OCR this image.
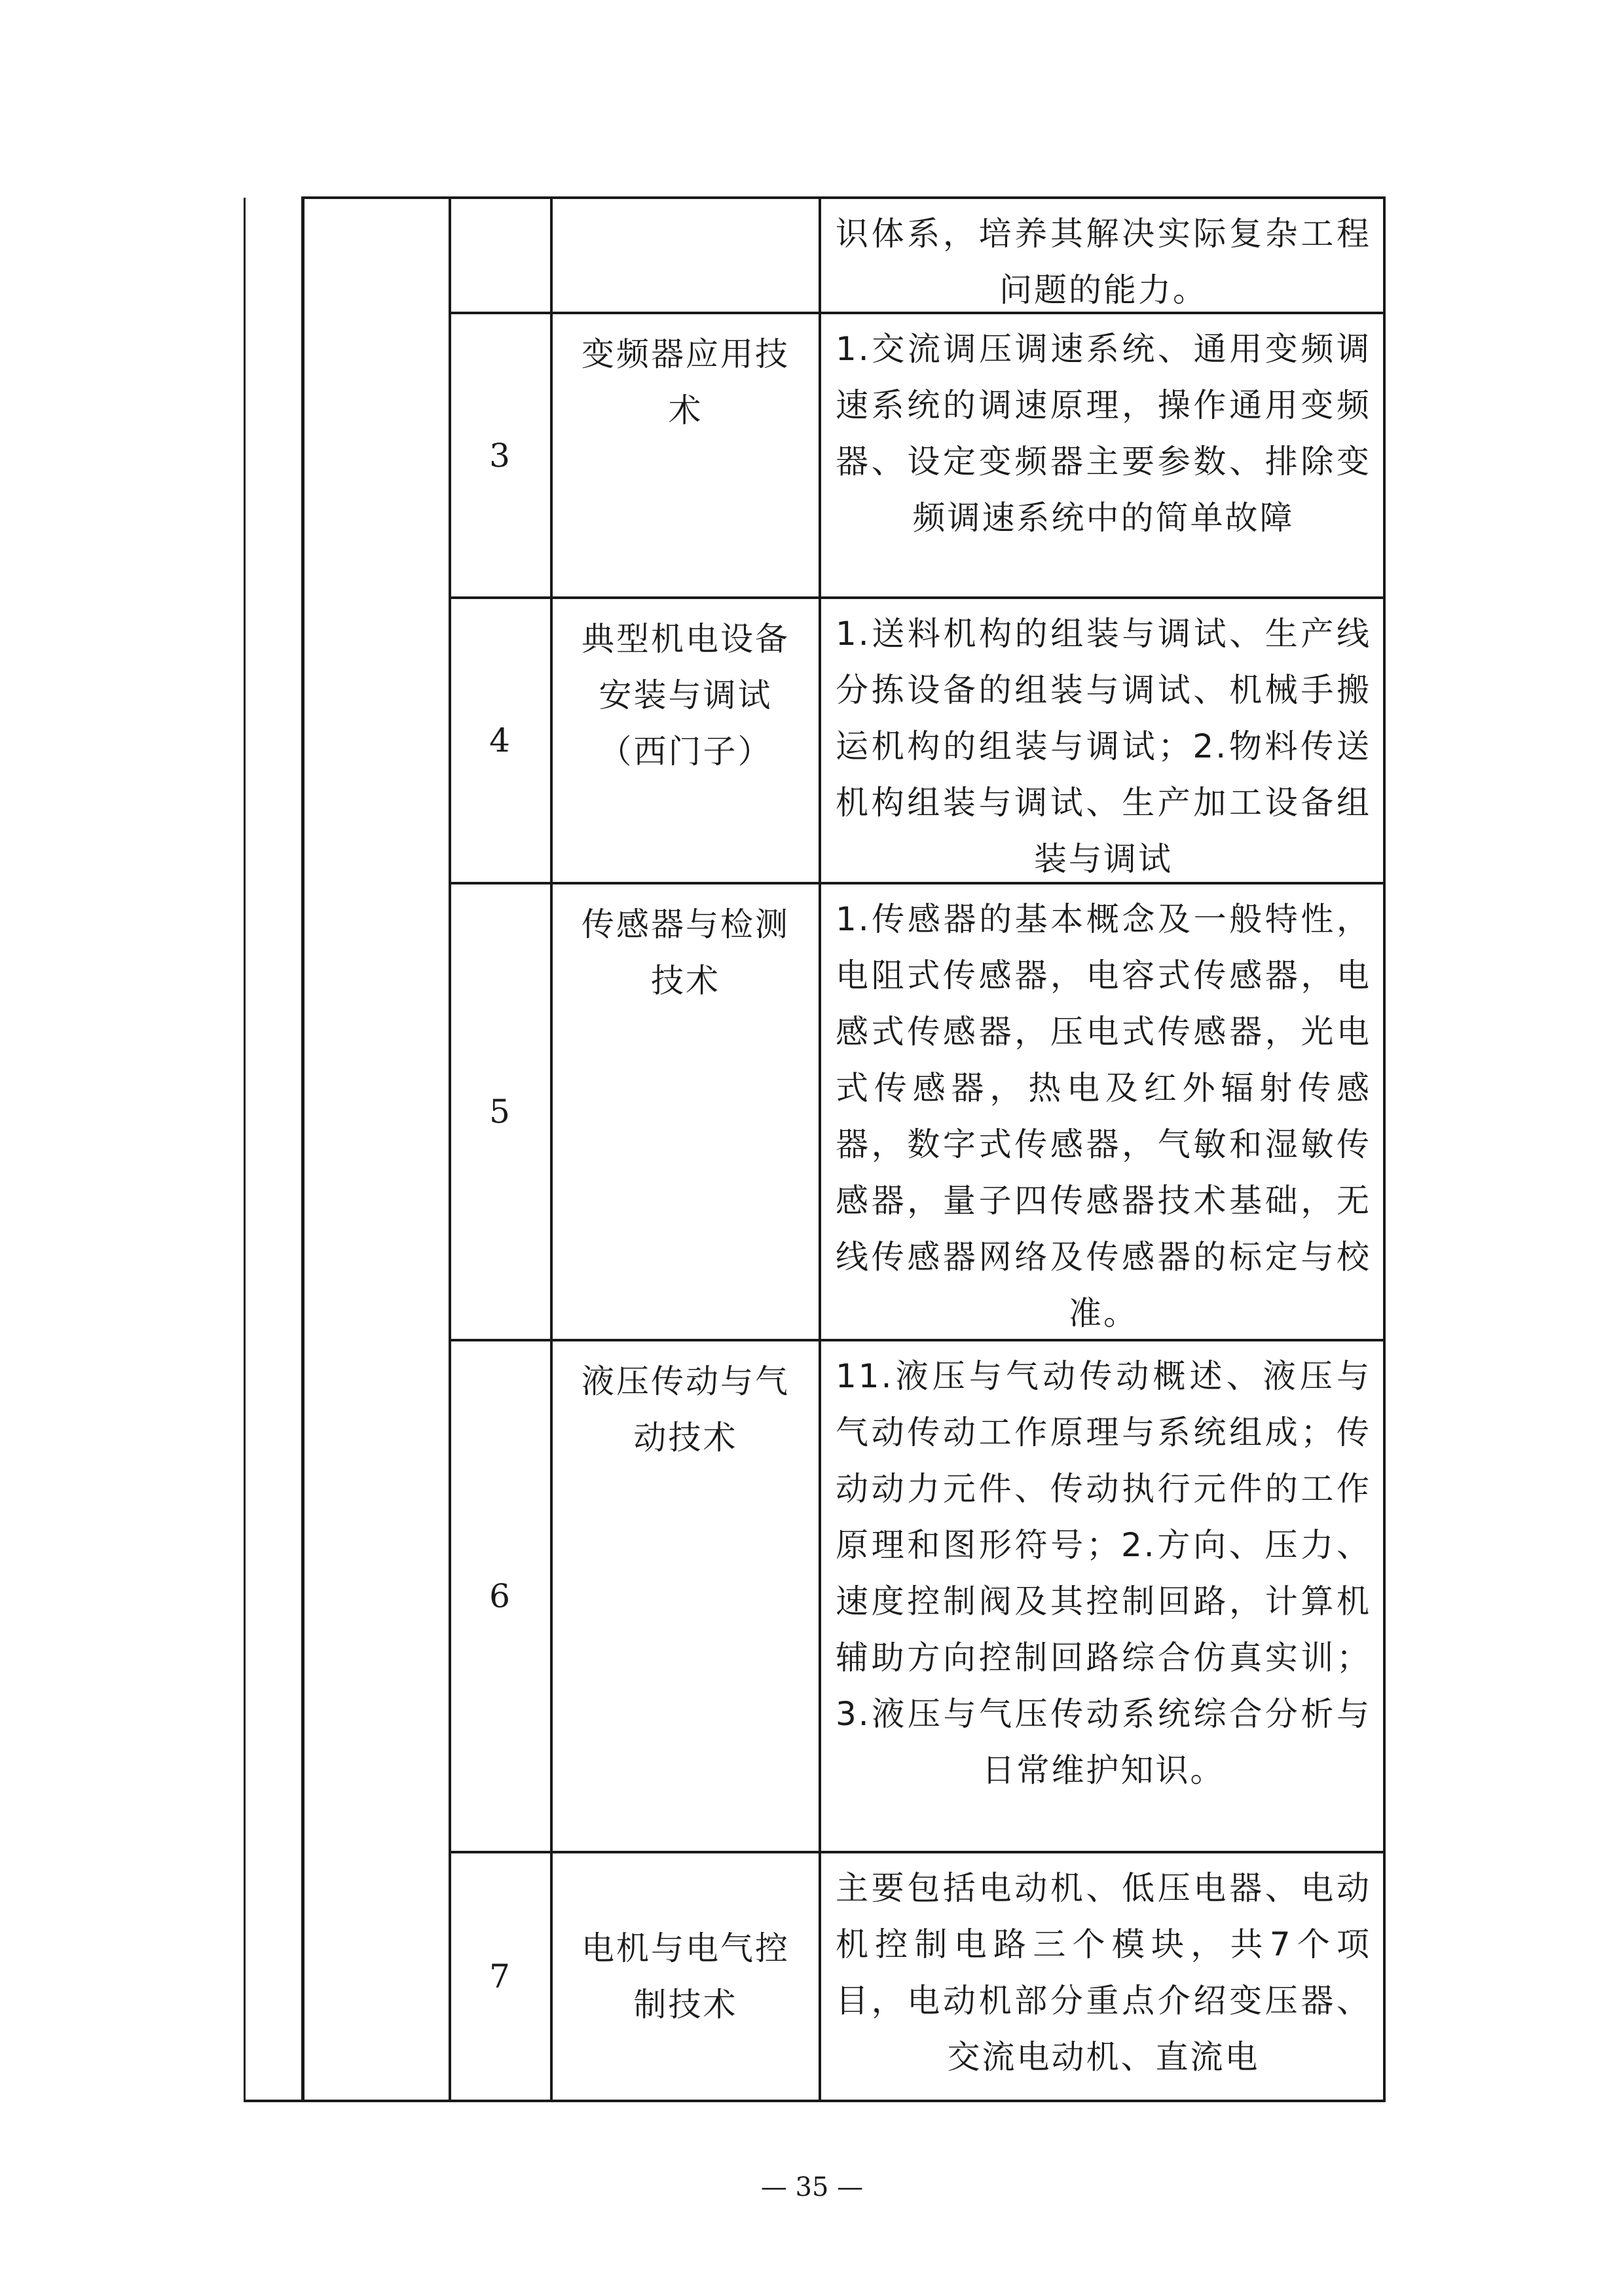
识体系，培养其解决实际复杂工程问题的能力。
3
变频器应用技术
1.交流调压调速系统、通用变频调速系统的调速原理，操作通用变频器、设定变频器主要参数、排除变频调速系统中的简单故障
4
典型机电设备安装与调试（西门子）
1.送料机构的组装与调试、生产线分拣设备的组装与调试、机械手搬运机构的组装与调试；2.物料传送机构组装与调试、生产加工设备组装与调试
5
传感器与检测技术
1.传感器的基本概念及一般特性，电阻式传感器，电容式传感器，电感式传感器，压电式传感器，光电式传感器，热电及红外辐射传感器，数字式传感器，气敏和湿敏传感器，量子四传感器技术基础，无线传感器网络及传感器的标定与校准。
6
液压传动与气动技术
11.液压与气动传动概述、液压与气动传动工作原理与系统组成；传动动力元件、传动执行元件的工作原理和图形符号；2.方向、压力、速度控制阀及其控制回路，计算机辅助方向控制回路综合仿真实训；3.液压与气压传动系统综合分析与日常维护知识。
7
电机与电气控制技术
主要包括电动机、低压电器、电动机控制电路三个模块，共7个项目，电动机部分重点介绍变压器、交流电动机、直流电
— 35 —
